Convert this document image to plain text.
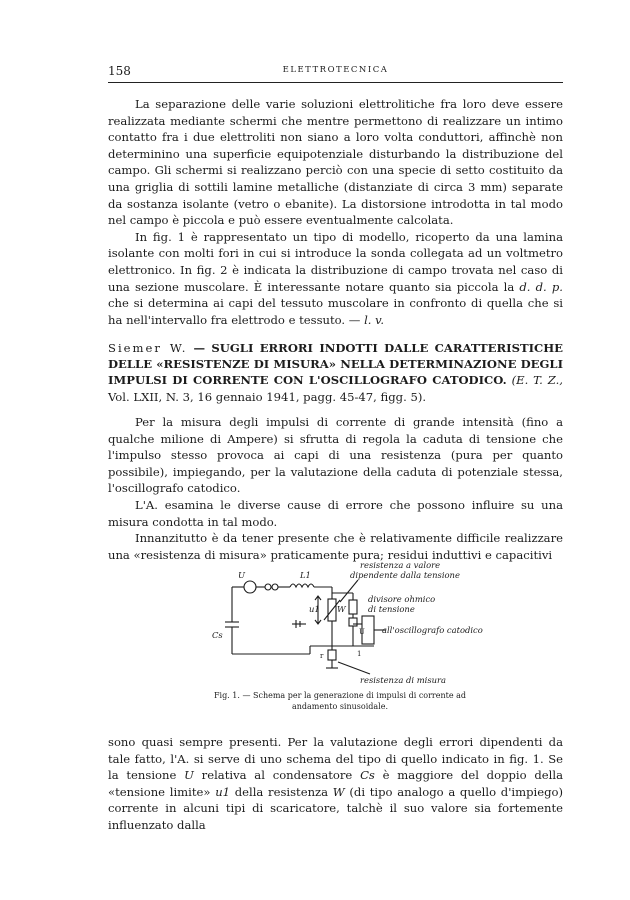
158	ELETTROTECNICA

La separazione delle varie soluzioni elettrolitiche fra loro deve essere realizzata mediante schermi che mentre permettono di realizzare un intimo contatto fra i due elettroliti non siano a loro volta conduttori, affinchè non determinino una superficie equipotenziale disturbando la distribuzione del campo. Gli schermi si realizzano perciò con una specie di setto costituito da una griglia di sottili lamine metalliche (distanziate di circa 3 mm) separate da sostanza isolante (vetro o ebanite). La distorsione introdotta in tal modo nel campo è piccola e può essere eventualmente calcolata.

In fig. 1 è rappresentato un tipo di modello, ricoperto da una lamina isolante con molti fori in cui si introduce la sonda collegata ad un voltmetro elettronico. In fig. 2 è indicata la distribuzione di campo trovata nel caso di una sezione muscolare. È interessante notare quanto sia piccola la d. d. p. che si determina ai capi del tessuto muscolare in confronto di quella che si ha nell'intervallo fra elettrodo e tessuto. — l. v.

Siemer W. — SUGLI ERRORI INDOTTI DALLE CARATTERISTICHE DELLE «RESISTENZE DI MISURA» NELLA DETERMINAZIONE DEGLI IMPULSI DI CORRENTE CON L'OSCILLOGRAFO CATODICO. (E. T. Z., Vol. LXII, N. 3, 16 gennaio 1941, pagg. 45-47, figg. 5).

Per la misura degli impulsi di corrente di grande intensità (fino a qualche milione di Ampere) si sfrutta di regola la caduta di tensione che l'impulso stesso provoca ai capi di una resistenza (pura per quanto possibile), impiegando, per la valutazione della caduta di potenziale stessa, l'oscillografo catodico.

L'A. esamina le diverse cause di errore che possono influire su una misura condotta in tal modo.

Innanzitutto è da tener presente che è relativamente difficile realizzare una «resistenza di misura» praticamente pura; residui induttivi e capacitivi

U	L1
Cs
u1 W
U
r	1
resistenza a valore
dipendente dalla tensione
divisore ohmico
di tensione
all'oscillografo catodico
resistenza di misura
Fig. 1. — Schema per la generazione di impulsi di corrente ad andamento sinusoidale.

sono quasi sempre presenti. Per la valutazione degli errori dipendenti da tale fatto, l'A. si serve di uno schema del tipo di quello indicato in fig. 1. Se la tensione U relativa al condensatore Cs è maggiore del doppio della «tensione limite» u1 della resistenza W (di tipo analogo a quello d'impiego) corrente in alcuni tipi di scaricatore, talchè il suo valore sia fortemente influenzato dalla
